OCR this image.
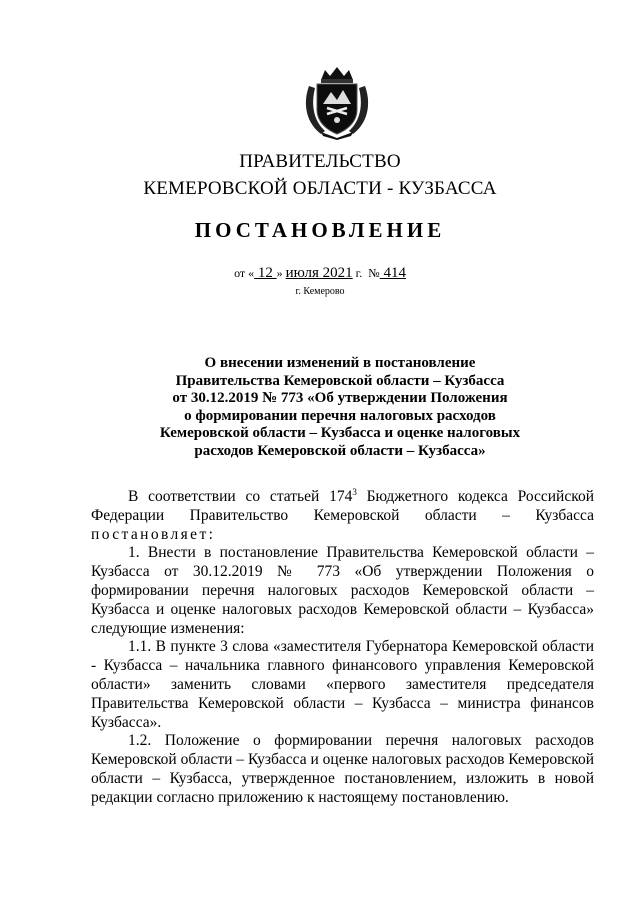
ПРАВИТЕЛЬСТВО
КЕМЕРОВСКОЙ ОБЛАСТИ - КУЗБАССА
ПОСТАНОВЛЕНИЕ
от « 12 » июля 2021 г. № 414
г. Кемерово
О внесении изменений в постановление
Правительства Кемеровской области – Кузбасса
от 30.12.2019 № 773 «Об утверждении Положения
о формировании перечня налоговых расходов
Кемеровской области – Кузбасса и оценке налоговых
расходов Кемеровской области – Кузбасса»

В соответствии со статьей $174^3$ Бюджетного кодекса Российской Федерации Правительство Кемеровской области – Кузбасса постановляет:

1. Внести в постановление Правительства Кемеровской области – Кузбасса от 30.12.2019 № 773 «Об утверждении Положения о формировании перечня налоговых расходов Кемеровской области – Кузбасса и оценке налоговых расходов Кемеровской области – Кузбасса» следующие изменения:

1.1. В пункте 3 слова «заместителя Губернатора Кемеровской области - Кузбасса – начальника главного финансового управления Кемеровской области» заменить словами «первого заместителя председателя Правительства Кемеровской области – Кузбасса – министра финансов Кузбасса».

1.2. Положение о формировании перечня налоговых расходов Кемеровской области – Кузбасса и оценке налоговых расходов Кемеровской области – Кузбасса, утвержденное постановлением, изложить в новой редакции согласно приложению к настоящему постановлению.
